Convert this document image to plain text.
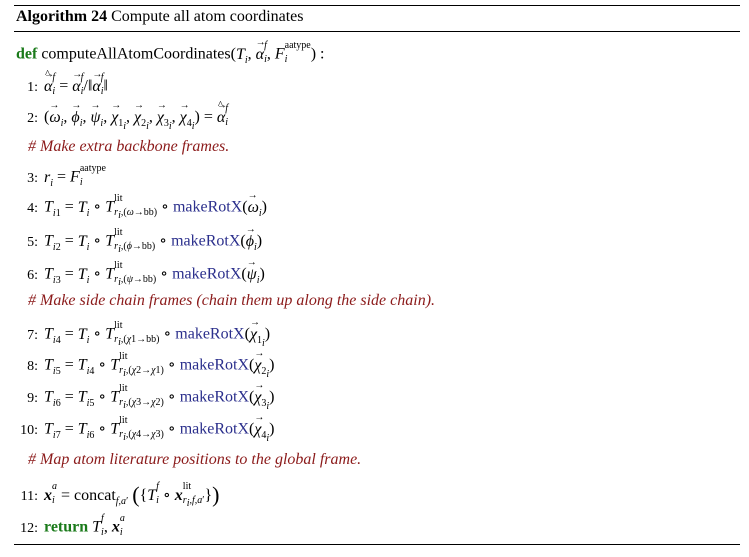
Algorithm 24 Compute all atom coordinates
def $computeAllAtomCoordinates(T_i$, → α
f
i , F
aatype
i	) :
1:^ → α
f
i = → α
f
i /‖→ α
f
i ‖
2: (→ $\omega_i$, → $\phi_i$, → $\psi_i$, → $\chi_{1_i}$, → $\chi_{2_i}$, → $\chi_{3_i}$, → $\chi_{4_i}$) = ^ → α
f
i
# Make extra backbone frames.
3: $r_i = F$
aatype
i
4: $T_{i1} = T_i$ ∘ T
lit
$r_i,(\omega\to bb)$ ∘ makeRotX(→ $\omega_i$)
5: $T_{i2} = T_i$ ∘ T
lit
$r_i,(\phi\to bb)$ ∘ makeRotX(→ $\phi_i$)
6: $T_{i3} = T_i$ ∘ T
lit
$r_i,(\psi\to bb)$ ∘ makeRotX(→ $\psi_i$)
# Make side chain frames (chain them up along the side chain).
7: $T_{i4} = T_i$ ∘ T
lit
$r_i,(\chi 1\to bb)$ ∘ makeRotX(→ $\chi_{1_i}$)
8: $T_{i5} = T_{i4}$ ∘ T
lit
$r_i,(\chi 2\to\chi 1)$ ∘ makeRotX(→ $\chi_{2_i}$)
9: $T_{i6} = T_{i5}$ ∘ T
lit
$r_i,(\chi 3\to\chi 2)$ ∘ makeRotX(→ $\chi_{3_i}$)
10: $T_{i7} = T_{i6}$ ∘ T
lit
$r_i,(\chi 4\to\chi 3)$ ∘ makeRotX(→ $\chi_{4_i}$)
# Map atom literature positions to the global frame.
11: x
a
i = concat$_{f,a'}$ ({T
f
i ∘ x
lit
$r_i,f,a'$ })
12: return T
f
i , x
a
i
